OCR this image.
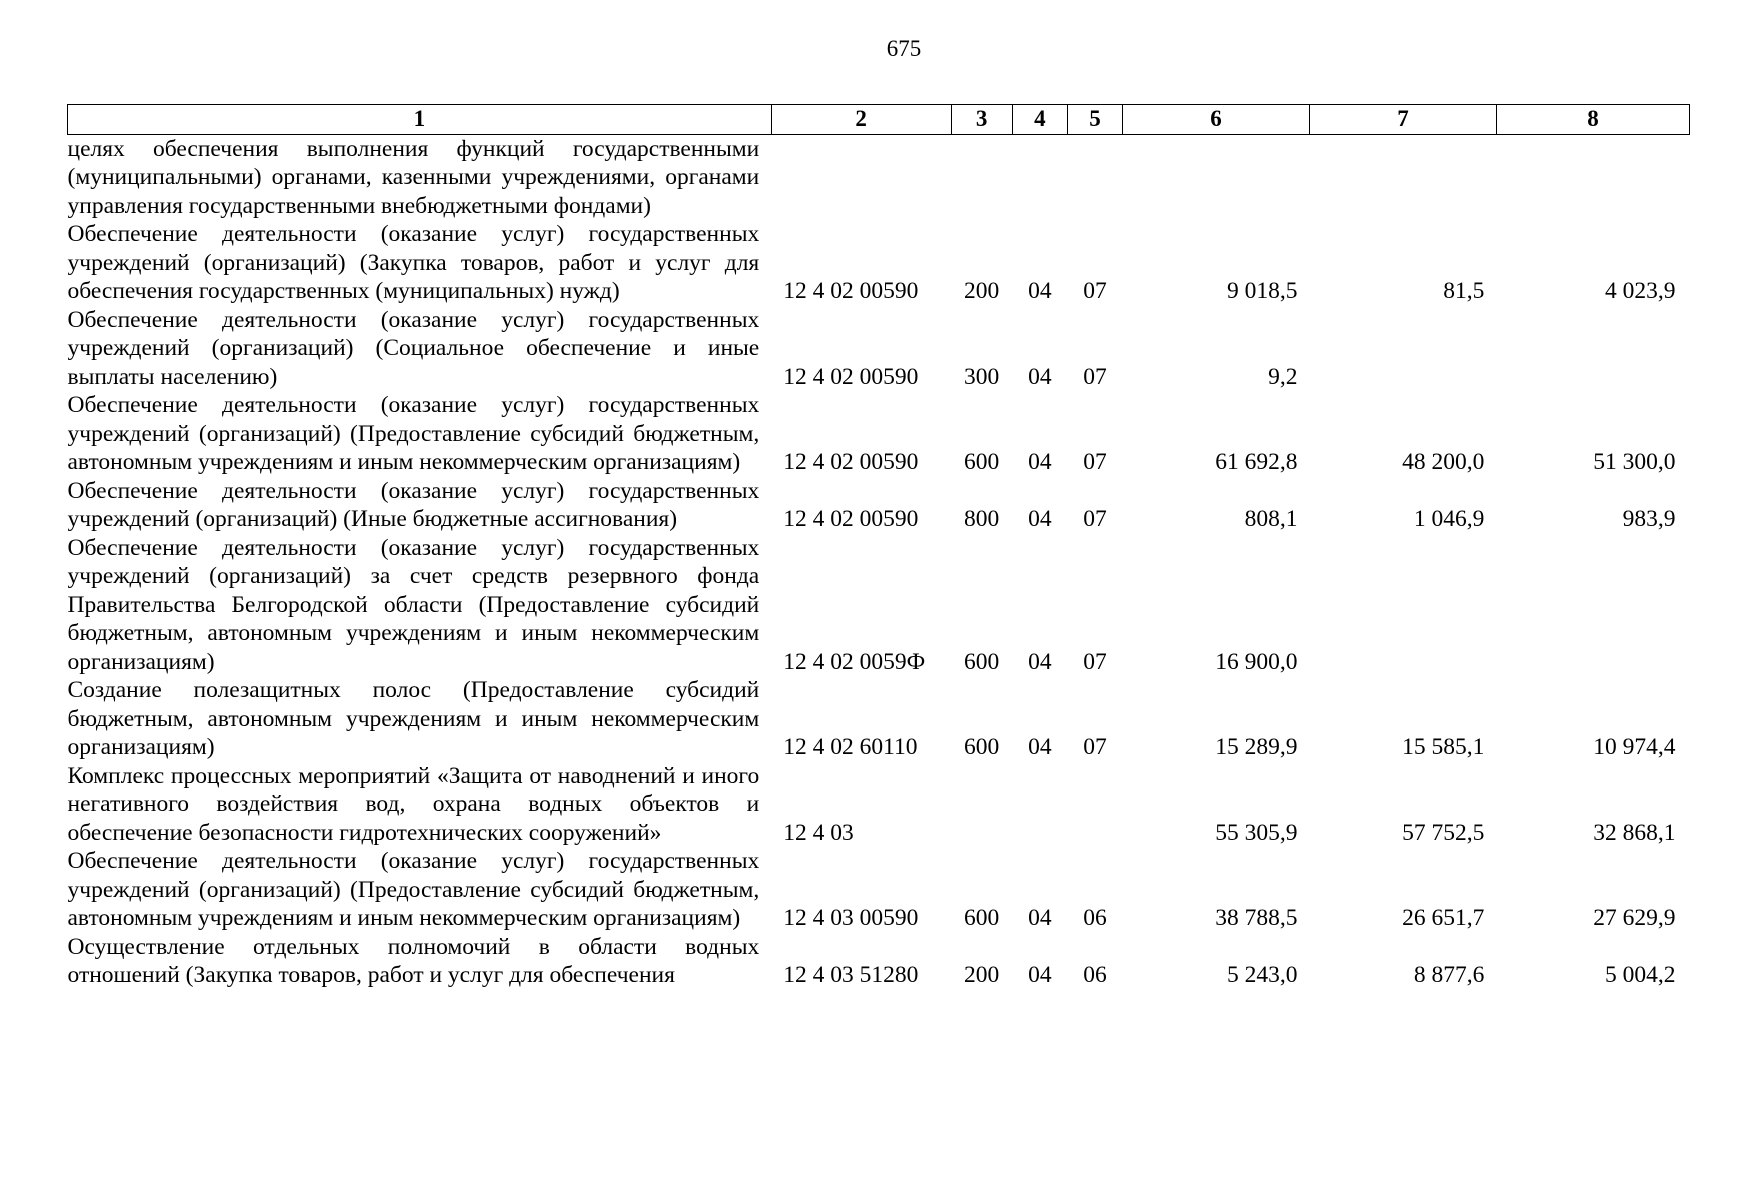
675
1	2	3	4	5	6	7	8
целях обеспечения выполнения функций государственными (муниципальными) органами, казенными учреждениями, органами управления государственными внебюджетными фондами)							
Обеспечение деятельности (оказание услуг) государственных учреждений (организаций) (Закупка товаров, работ и услуг для обеспечения государственных (муниципальных) нужд)	12 4 02 00590	200	04	07	9 018,5	81,5	4 023,9
Обеспечение деятельности (оказание услуг) государственных учреждений (организаций) (Социальное обеспечение и иные выплаты населению)	12 4 02 00590	300	04	07	9,2		
Обеспечение деятельности (оказание услуг) государственных учреждений (организаций) (Предоставление субсидий бюджетным, автономным учреждениям и иным некоммерческим организациям)	12 4 02 00590	600	04	07	61 692,8	48 200,0	51 300,0
Обеспечение деятельности (оказание услуг) государственных учреждений (организаций) (Иные бюджетные ассигнования)	12 4 02 00590	800	04	07	808,1	1 046,9	983,9
Обеспечение деятельности (оказание услуг) государственных учреждений (организаций) за счет средств резервного фонда Правительства Белгородской области (Предоставление субсидий бюджетным, автономным учреждениям и иным некоммерческим организациям)	12 4 02 0059Ф	600	04	07	16 900,0		
Создание полезащитных полос (Предоставление субсидий бюджетным, автономным учреждениям и иным некоммерческим организациям)	12 4 02 60110	600	04	07	15 289,9	15 585,1	10 974,4
Комплекс процессных мероприятий «Защита от наводнений и иного негативного воздействия вод, охрана водных объектов и обеспечение безопасности гидротехнических сооружений»	12 4 03				55 305,9	57 752,5	32 868,1
Обеспечение деятельности (оказание услуг) государственных учреждений (организаций) (Предоставление субсидий бюджетным, автономным учреждениям и иным некоммерческим организациям)	12 4 03 00590	600	04	06	38 788,5	26 651,7	27 629,9
Осуществление отдельных полномочий в области водных отношений (Закупка товаров, работ и услуг для обеспечения	12 4 03 51280	200	04	06	5 243,0	8 877,6	5 004,2
